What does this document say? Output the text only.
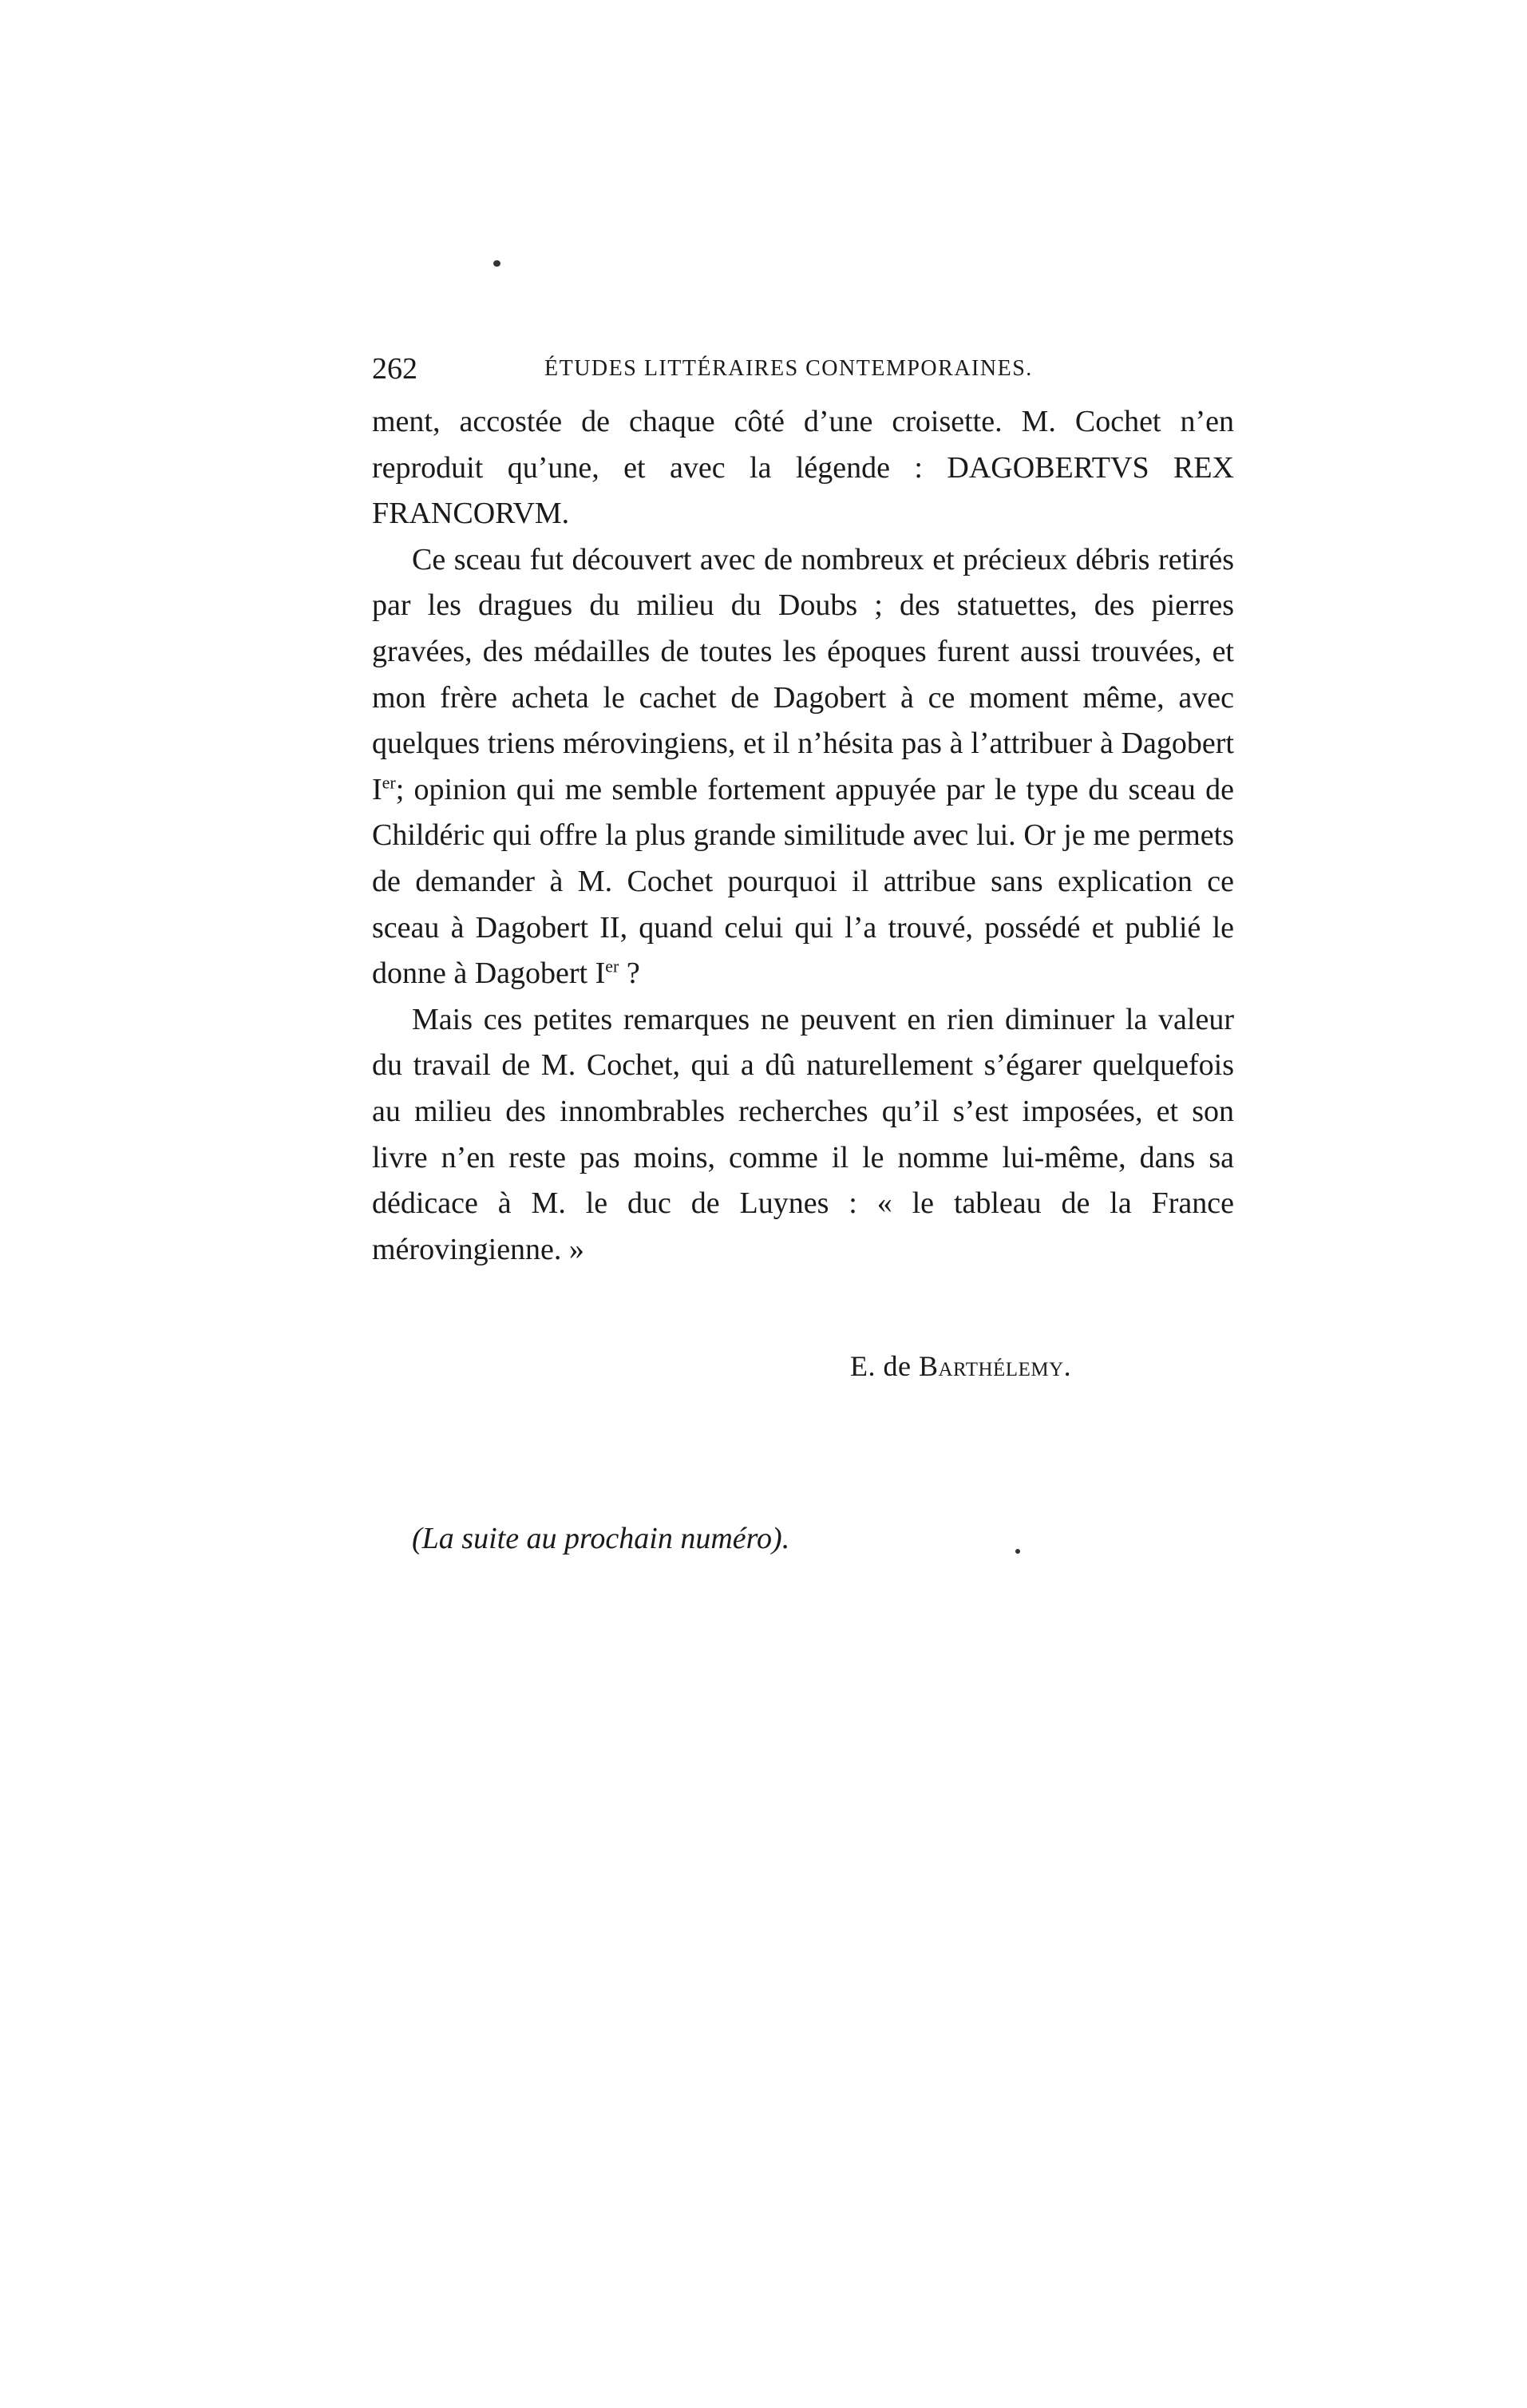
262	ÉTUDES LITTÉRAIRES CONTEMPORAINES.

ment, accostée de chaque côté d’une croisette. M. Cochet n’en reproduit qu’une, et avec la légende : DAGOBERTVS REX FRANCORVM.

Ce sceau fut découvert avec de nombreux et précieux débris retirés par les dragues du milieu du Doubs ; des statuettes, des pierres gravées, des médailles de toutes les époques furent aussi trouvées, et mon frère acheta le cachet de Dagobert à ce moment même, avec quelques triens mérovingiens, et il n’hésita pas à l’attribuer à Dagobert Ier; opinion qui me semble fortement appuyée par le type du sceau de Childéric qui offre la plus grande similitude avec lui. Or je me permets de demander à M. Cochet pourquoi il attribue sans explication ce sceau à Dagobert II, quand celui qui l’a trouvé, possédé et publié le donne à Dagobert Ier ?

Mais ces petites remarques ne peuvent en rien diminuer la valeur du travail de M. Cochet, qui a dû naturellement s’égarer quelquefois au milieu des innombrables recherches qu’il s’est imposées, et son livre n’en reste pas moins, comme il le nomme lui-même, dans sa dédicace à M. le duc de Luynes : « le tableau de la France mérovingienne. »

E. de Barthélemy.
(La suite au prochain numéro).
